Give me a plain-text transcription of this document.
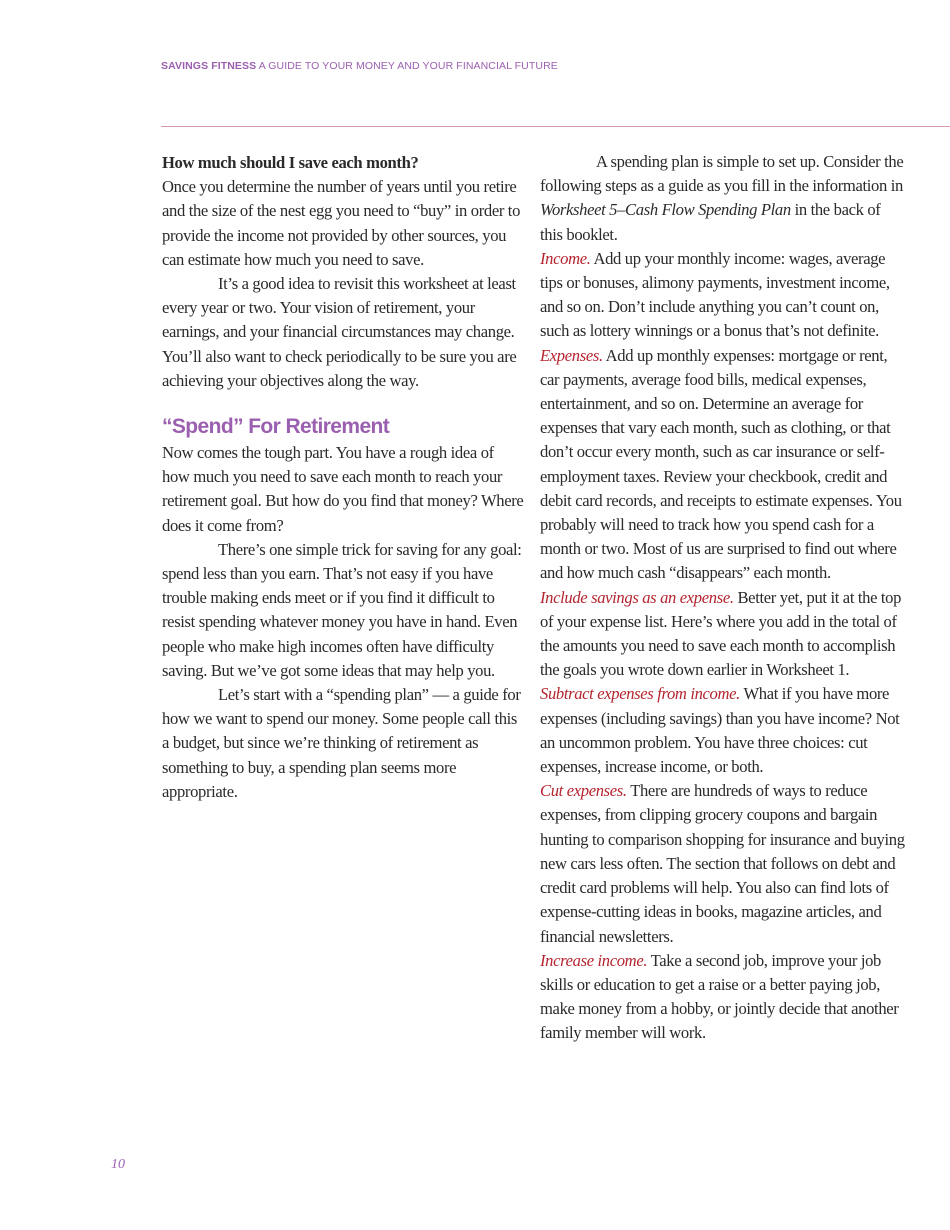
SAVINGS FITNESS A GUIDE TO YOUR MONEY AND YOUR FINANCIAL FUTURE

How much should I save each month?

Once you determine the number of years until you retire and the size of the nest egg you need to “buy” in order to provide the income not provided by other sources, you can estimate how much you need to save.

It’s a good idea to revisit this worksheet at least every year or two. Your vision of retirement, your earnings, and your financial circumstances may change. You’ll also want to check periodically to be sure you are achieving your objectives along the way.

“Spend” For Retirement

Now comes the tough part. You have a rough idea of how much you need to save each month to reach your retirement goal. But how do you find that money? Where does it come from?

There’s one simple trick for saving for any goal: spend less than you earn. That’s not easy if you have trouble making ends meet or if you find it difficult to resist spending whatever money you have in hand. Even people who make high incomes often have difficulty saving. But we’ve got some ideas that may help you.

Let’s start with a “spending plan” — a guide for how we want to spend our money. Some people call this a budget, but since we’re thinking of retirement as something to buy, a spending plan seems more appropriate.

A spending plan is simple to set up. Consider the following steps as a guide as you fill in the information in Worksheet 5–Cash Flow Spending Plan in the back of this booklet.

Income. Add up your monthly income: wages, average tips or bonuses, alimony payments, investment income, and so on. Don’t include anything you can’t count on, such as lottery winnings or a bonus that’s not definite.

Expenses. Add up monthly expenses: mortgage or rent, car payments, average food bills, medical expenses, entertainment, and so on. Determine an average for expenses that vary each month, such as clothing, or that don’t occur every month, such as car insurance or self-employment taxes. Review your checkbook, credit and debit card records, and receipts to estimate expenses. You probably will need to track how you spend cash for a month or two. Most of us are surprised to find out where and how much cash “disappears” each month.

Include savings as an expense. Better yet, put it at the top of your expense list. Here’s where you add in the total of the amounts you need to save each month to accomplish the goals you wrote down earlier in Worksheet 1.

Subtract expenses from income. What if you have more expenses (including savings) than you have income? Not an uncommon problem. You have three choices: cut expenses, increase income, or both.

Cut expenses. There are hundreds of ways to reduce expenses, from clipping grocery coupons and bargain hunting to comparison shopping for insurance and buying new cars less often. The section that follows on debt and credit card problems will help. You also can find lots of expense-cutting ideas in books, magazine articles, and financial newsletters.

Increase income. Take a second job, improve your job skills or education to get a raise or a better paying job, make money from a hobby, or jointly decide that another family member will work.

10
